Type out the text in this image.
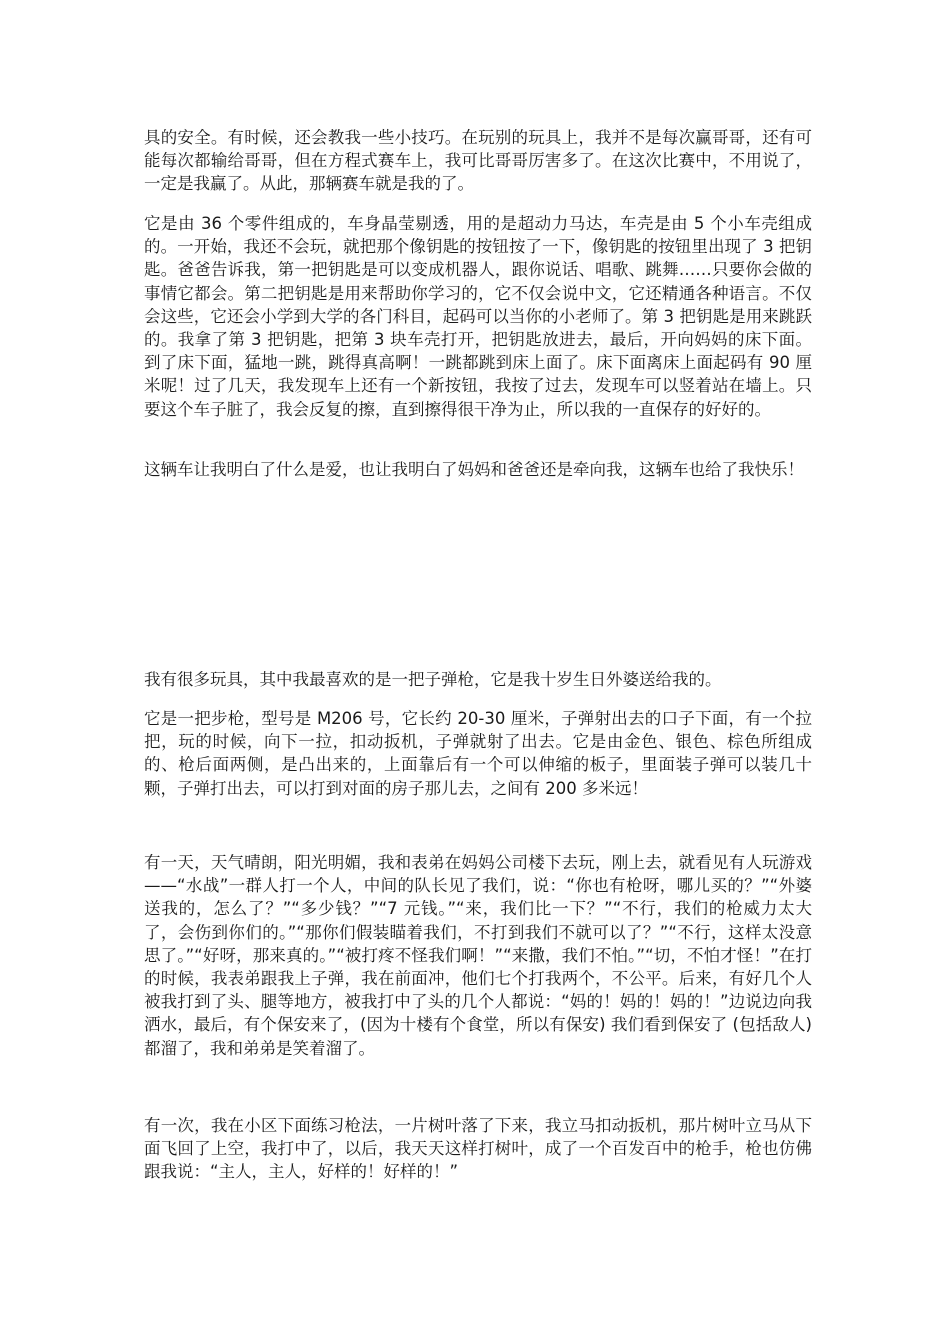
具的安全。有时候，还会教我一些小技巧。在玩别的玩具上，我并不是每次赢哥哥，还有可能每次都输给哥哥，但在方程式赛车上，我可比哥哥厉害多了。在这次比赛中，不用说了，一定是我赢了。从此，那辆赛车就是我的了。

它是由 36 个零件组成的，车身晶莹剔透，用的是超动力马达，车壳是由 5 个小车壳组成的。一开始，我还不会玩，就把那个像钥匙的按钮按了一下，像钥匙的按钮里出现了 3 把钥匙。爸爸告诉我，第一把钥匙是可以变成机器人，跟你说话、唱歌、跳舞……只要你会做的事情它都会。第二把钥匙是用来帮助你学习的，它不仅会说中文，它还精通各种语言。不仅会这些，它还会小学到大学的各门科目，起码可以当你的小老师了。第 3 把钥匙是用来跳跃的。我拿了第 3 把钥匙，把第 3 块车壳打开，把钥匙放进去，最后，开向妈妈的床下面。到了床下面，猛地一跳，跳得真高啊！一跳都跳到床上面了。床下面离床上面起码有 90 厘米呢！过了几天，我发现车上还有一个新按钮，我按了过去，发现车可以竖着站在墙上。只要这个车子脏了，我会反复的擦，直到擦得很干净为止，所以我的一直保存的好好的。

这辆车让我明白了什么是爱，也让我明白了妈妈和爸爸还是牵向我，这辆车也给了我快乐！

我有很多玩具，其中我最喜欢的是一把子弹枪，它是我十岁生日外婆送给我的。

它是一把步枪，型号是 M206 号，它长约 20-30 厘米，子弹射出去的口子下面，有一个拉把，玩的时候，向下一拉，扣动扳机，子弹就射了出去。它是由金色、银色、棕色所组成的、枪后面两侧，是凸出来的，上面靠后有一个可以伸缩的板子，里面装子弹可以装几十颗，子弹打出去，可以打到对面的房子那儿去，之间有 200 多米远！

有一天，天气晴朗，阳光明媚，我和表弟在妈妈公司楼下去玩，刚上去，就看见有人玩游戏——“水战”一群人打一个人，中间的队长见了我们，说：“你也有枪呀，哪儿买的？”“外婆送我的，怎么了？”“多少钱？”“7 元钱。”“来，我们比一下？”“不行，我们的枪威力太大了，会伤到你们的。”“那你们假装瞄着我们，不打到我们不就可以了？”“不行，这样太没意思了。”“好呀，那来真的。”“被打疼不怪我们啊！”“来撒，我们不怕。”“切，不怕才怪！”在打的时候，我表弟跟我上子弹，我在前面冲，他们七个打我两个，不公平。后来，有好几个人被我打到了头、腿等地方，被我打中了头的几个人都说：“妈的！妈的！妈的！”边说边向我洒水，最后，有个保安来了，(因为十楼有个食堂，所以有保安) 我们看到保安了 (包括敌人) 都溜了，我和弟弟是笑着溜了。

有一次，我在小区下面练习枪法，一片树叶落了下来，我立马扣动扳机，那片树叶立马从下面飞回了上空，我打中了，以后，我天天这样打树叶，成了一个百发百中的枪手，枪也仿佛跟我说：“主人，主人，好样的！好样的！”
